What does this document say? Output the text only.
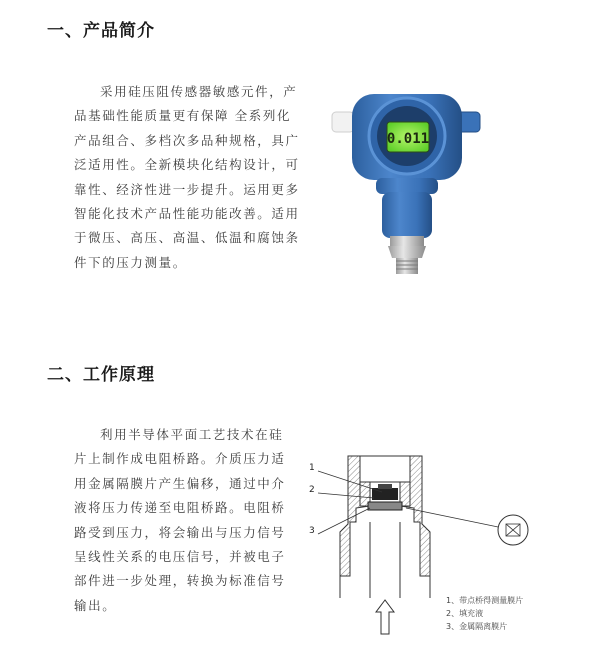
一、产品简介

采用硅压阻传感器敏感元件，产
品基础性能质量更有保障 全系列化
产品组合、多档次多品种规格，具广
泛适用性。全新模块化结构设计，可
靠性、经济性进一步提升。运用更多
智能化技术产品性能功能改善。适用
于微压、高压、高温、低温和腐蚀条
件下的压力测量。

0.011
二、工作原理

利用半导体平面工艺技术在硅
片上制作成电阻桥路。介质压力适
用金属隔膜片产生偏移，通过中介
液将压力传递至电阻桥路。电阻桥
路受到压力，将会输出与压力信号
呈线性关系的电压信号，并被电子
部件进一步处理，转换为标准信号
输出。

1
2
3
1、带点桥得测量膜片
2、填充液
3、金属隔离膜片
